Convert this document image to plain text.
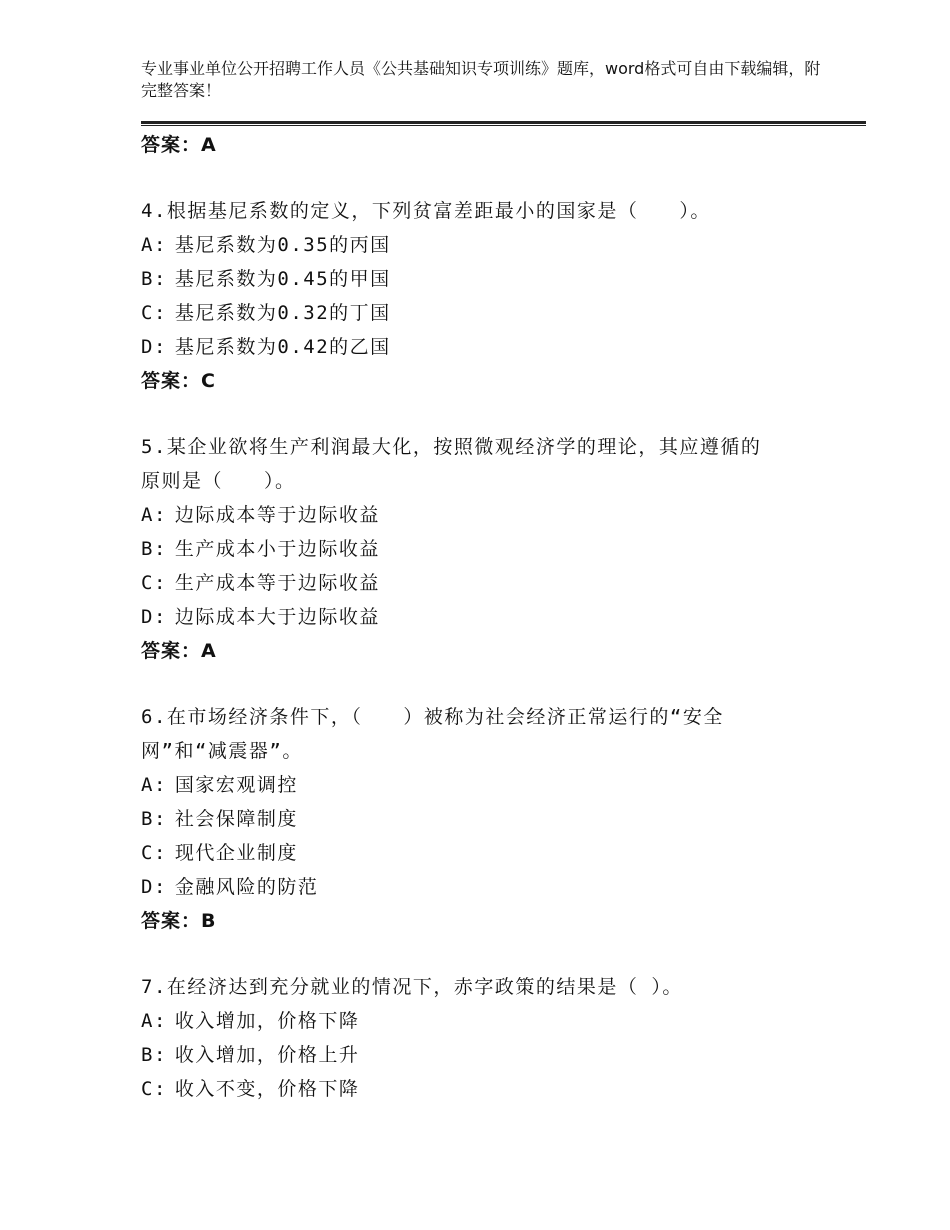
专业事业单位公开招聘工作人员《公共基础知识专项训练》题库，word格式可自由下载编辑，附完整答案！
答案：A
4.根据基尼系数的定义，下列贫富差距最小的国家是（　　）。
A: 基尼系数为0.35的丙国
B: 基尼系数为0.45的甲国
C: 基尼系数为0.32的丁国
D: 基尼系数为0.42的乙国
答案：C
5.某企业欲将生产利润最大化，按照微观经济学的理论，其应遵循的
原则是（　　）。
A: 边际成本等于边际收益
B: 生产成本小于边际收益
C: 生产成本等于边际收益
D: 边际成本大于边际收益
答案：A
6.在市场经济条件下，（　　）被称为社会经济正常运行的“安全
网”和“减震器”。
A: 国家宏观调控
B: 社会保障制度
C: 现代企业制度
D: 金融风险的防范
答案：B
7.在经济达到充分就业的情况下，赤字政策的结果是（ ）。
A: 收入增加，价格下降
B: 收入增加，价格上升
C: 收入不变，价格下降
